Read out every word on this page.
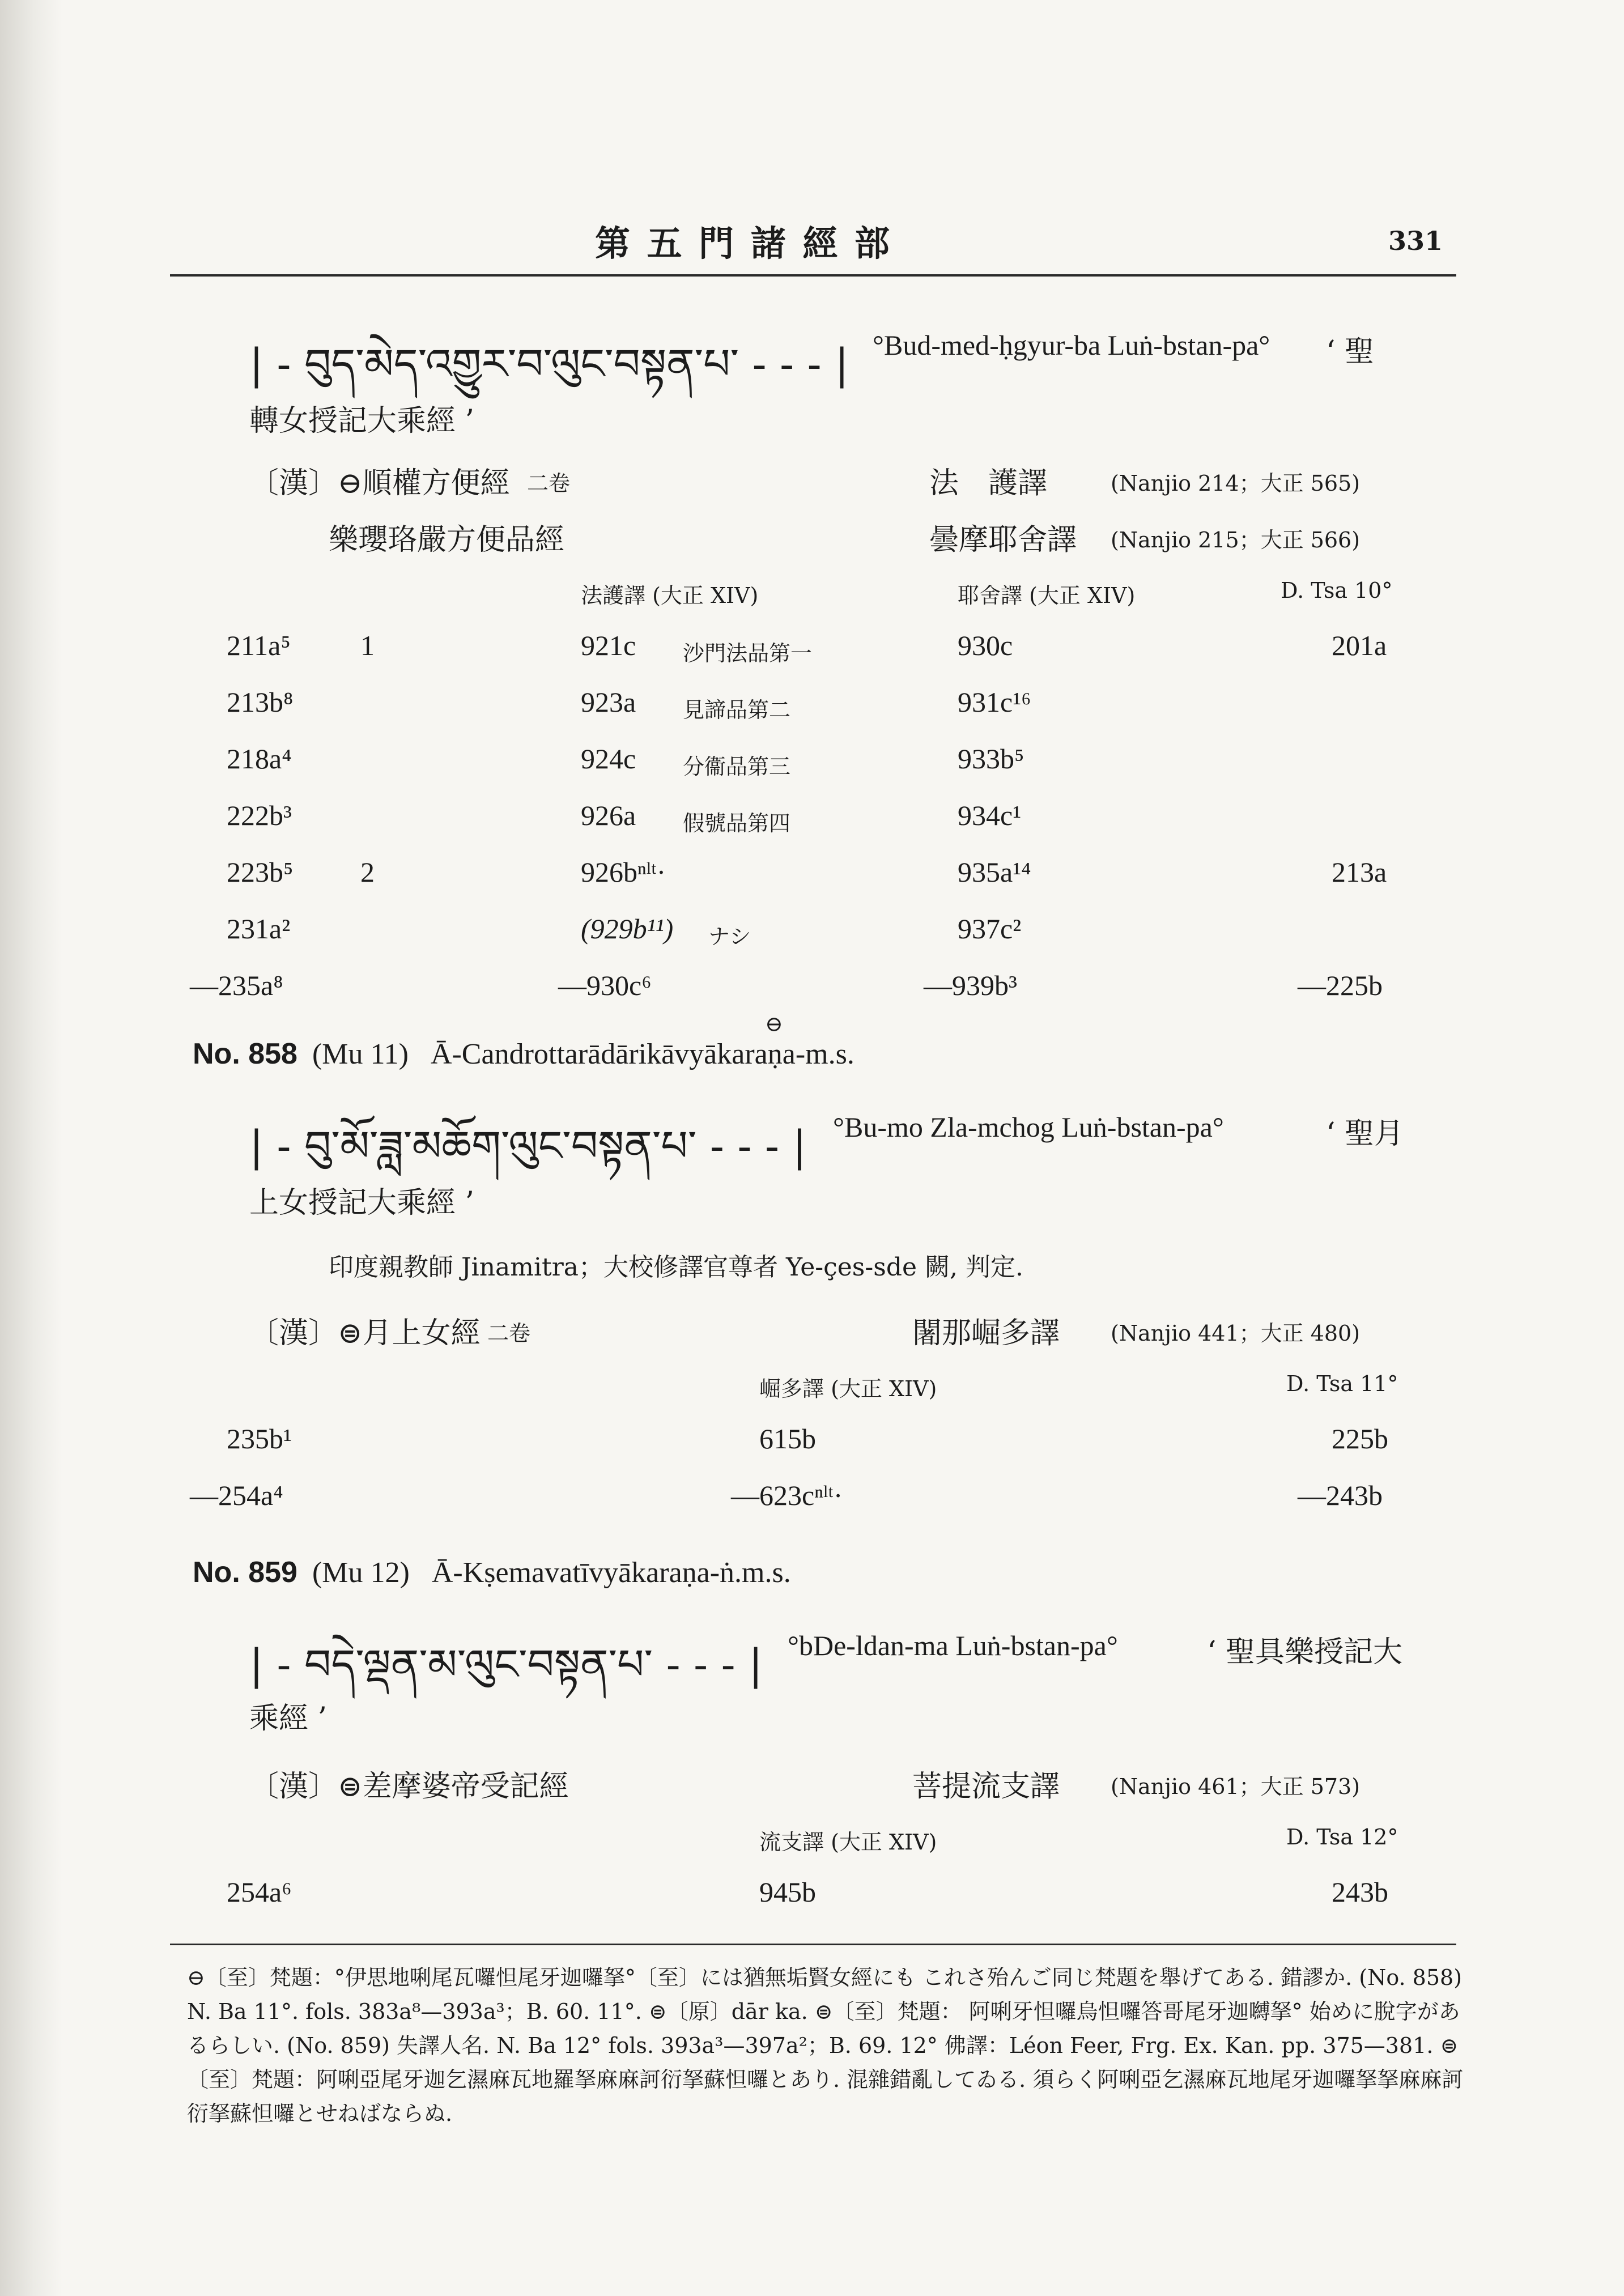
第 五 門 諸 經 部	331
| - བུད་མེད་འགྱུར་བ་ལུང་བསྟན་པ་ - - - | °Bud-med-ḥgyur-ba Luṅ-bstan-pa° ‘ 聖
轉女授記大乘經 ’
〔漢〕⊖順權方便經 二卷	法　護譯	(Nanjio 214；大正 565)
樂瓔珞嚴方便品經	曇摩耶舍譯 (Nanjio 215；大正 566)
法護譯 (大正 XIV)	耶舍譯 (大正 XIV)	D. Tsa 10°
211a⁵ 1	921c 沙門法品第一	930c	201a
213b⁸	923a 見諦品第二	931c¹⁶
218a⁴	924c 分衞品第三	933b⁵
222b³	926a 假號品第四	934c¹
223b⁵ 2	926bⁿˡᵗ·	935a¹⁴	213a
231a²	(929b¹¹) ナシ	937c²
—235a⁸	—930c⁶	—939b³	—225b
⊖
No. 858 (Mu 11) Ā-Candrottarādārikāvyākaraṇa-m.s.
| - བུ་མོ་ཟླ་མཆོག་ལུང་བསྟན་པ་ - - - | °Bu-mo Zla-mchog Luṅ-bstan-pa°	‘ 聖月
上女授記大乘經 ’
印度親教師 Jinamitra；大校修譯官尊者 Ye-çes-sde 闕, 判定.
〔漢〕⊜月上女經 二卷	闍那崛多譯 (Nanjio 441；大正 480)
崛多譯 (大正 XIV)	D. Tsa 11°
235b¹	615b	225b
—254a⁴	—623cⁿˡᵗ·	—243b
No. 859 (Mu 12) Ā-Kṣemavatīvyākaraṇa-ṅ.m.s.
| - བདེ་ལྡན་མ་ལུང་བསྟན་པ་ - - - | °bDe-ldan-ma Luṅ-bstan-pa°	‘ 聖具樂授記大
乘經 ’
〔漢〕⊜差摩婆帝受記經	菩提流支譯 (Nanjio 461；大正 573)
流支譯 (大正 XIV)	D. Tsa 12°
254a⁶	945b	243b
⊖〔至〕梵題：°伊思地唎尾瓦囉怛尾牙迦囉拏°〔至〕には猶無垢賢女經にも これさ殆んご同じ梵題を舉げてある. 錯謬か. (No. 858) N. Ba 11°. fols. 383a⁸—393a³；B. 60. 11°. ⊜〔原〕dār ka. ⊜〔至〕梵題： 阿唎牙怛囉烏怛囉答哥尾牙迦嚩拏° 始めに脫字があるらしい. (No. 859) 失譯人名. N. Ba 12° fols. 393a³—397a²；B. 69. 12° 佛譯：Léon Feer, Frg. Ex. Kan. pp. 375—381. ⊜〔至〕梵題：阿唎亞尾牙迦乞濕麻瓦地羅拏麻麻訶衍拏蘇怛囉とあり. 混雜錯亂してゐる. 須らく阿唎亞乞濕麻瓦地尾牙迦囉拏拏麻麻訶衍拏蘇怛囉とせねばならぬ.
